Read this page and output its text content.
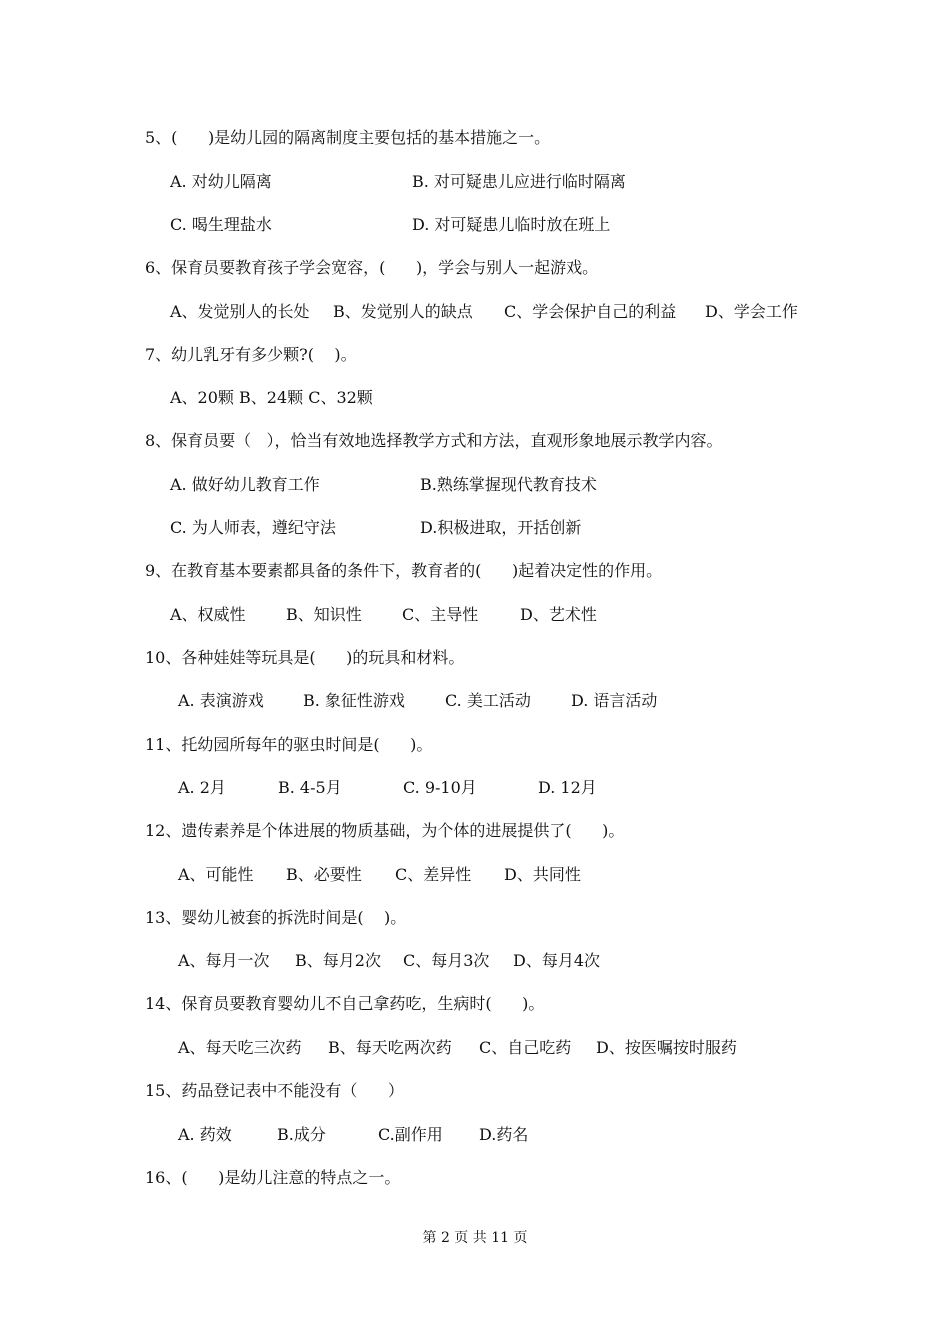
5、(      )是幼儿园的隔离制度主要包括的基本措施之一。

A. 对幼儿隔离

	B. 对可疑患儿应进行临时隔离

C. 喝生理盐水

	D. 对可疑患儿临时放在班上

6、保育员要教育孩子学会宽容，(      )，学会与别人一起游戏。

A、发觉别人的长处

B、发觉别人的缺点

C、学会保护自己的利益

D、学会工作

7、幼儿乳牙有多少颗?(    )。

A、20颗 B、24颗 C、32颗

8、保育员要（   ），恰当有效地选择教学方式和方法，直观形象地展示教学内容。

A. 做好幼儿教育工作

	B.熟练掌握现代教育技术

C. 为人师表，遵纪守法

	D.积极进取，开括创新

9、在教育基本要素都具备的条件下，教育者的(      )起着决定性的作用。

A、权威性

	B、知识性

	C、主导性

	D、艺术性

10、各种娃娃等玩具是(      )的玩具和材料。

A. 表演游戏

B. 象征性游戏

	C. 美工活动

	D. 语言活动

11、托幼园所每年的驱虫时间是(      )。

A. 2月

	B. 4-5月

	C. 9-10月

	D. 12月

12、遗传素养是个体进展的物质基础，为个体的进展提供了(      )。

A、可能性

B、必要性

C、差异性

D、共同性

13、婴幼儿被套的拆洗时间是(    )。

A、每月一次

B、每月2次

C、每月3次

D、每月4次

14、保育员要教育婴幼儿不自己拿药吃，生病时(      )。

A、每天吃三次药

B、每天吃两次药

C、自己吃药

D、按医嘱按时服药

15、药品登记表中不能没有（      ）

A. 药效

	B.成分

	C.副作用

D.药名

16、(      )是幼儿注意的特点之一。
第 2 页 共 11 页
